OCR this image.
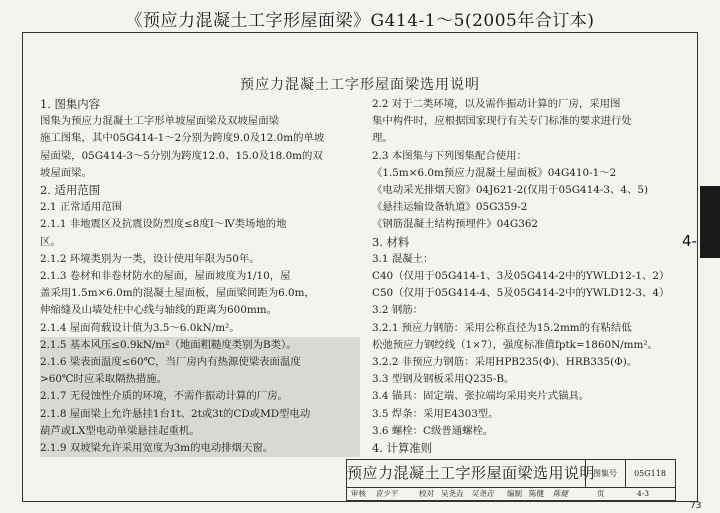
《预应力混凝土工字形屋面梁》G414-1～5(2005年合订本)
预应力混凝土工字形屋面梁选用说明

1. 图集内容

图集为预应力混凝土工字形单坡屋面梁及双坡屋面梁

施工图集，其中05G414-1～2分别为跨度9.0及12.0m的单坡

屋面梁，05G414-3～5分别为跨度12.0、15.0及18.0m的双

坡屋面梁。

2. 适用范围

2.1 正常适用范围

2.1.1 非地震区及抗震设防烈度≤8度Ⅰ～Ⅳ类场地的地

区。

2.1.2 环境类别为一类，设计使用年限为50年。

2.1.3 卷材和非卷材防水的屋面，屋面坡度为1/10，屋

盖采用1.5m×6.0m的混凝土屋面板，屋面梁间距为6.0m，

伸缩缝及山墙处柱中心线与轴线的距离为600mm。

2.1.4 屋面荷载设计值为3.5～6.0kN/m²。

2.1.5 基本风压≤0.9kN/m²（地面粗糙度类别为B类）。

2.1.6 梁表面温度≤60℃，当厂房内有热源使梁表面温度

>60℃时应采取隔热措施。

2.1.7 无侵蚀性介质的环境，不需作振动计算的厂房。

2.1.8 屋面梁上允许悬挂1台1t、2t或3t的CD或MD型电动

葫芦或LX型电动单梁悬挂起重机。

2.1.9 双坡梁允许采用宽度为3m的电动排烟天窗。

2.2 对于二类环境，以及需作振动计算的厂房，采用图

集中构件时，应根据国家现行有关专门标准的要求进行处

理。

2.3 本图集与下列图集配合使用：

《1.5m×6.0m预应力混凝土屋面板》04G410-1～2

《电动采光排烟天窗》04J621-2(仅用于05G414-3、4、5)

《悬挂运输设备轨道》05G359-2

《钢筋混凝土结构预埋件》04G362

3. 材料

3.1 混凝土：

C40（仅用于05G414-1、3及05G414-2中的YWLD12-1、2）

C50（仅用于05G414-4、5及05G414-2中的YWLD12-3、4）

3.2 钢筋：

3.2.1 预应力钢筋：采用公称直径为15.2mm的有粘结低

松弛预应力钢绞线（1×7），强度标准值fptk=1860N/mm²。

3.2.2 非预应力钢筋：采用HPB235(Φ)、HRB335(Φ)。

3.3 型钢及钢板采用Q235-B。

3.4 锚具：固定端、张拉端均采用夹片式锚具。

3.5 焊条：采用E4303型。

3.6 螺栓：C级普通螺栓。

4. 计算准则

4-
预应力混凝土工字形屋面梁选用说明
图集号	05G118
审核 袁少平	校对 吴尧垚 吴尧垚 编制 陈健 陈健	页	4-3
73
